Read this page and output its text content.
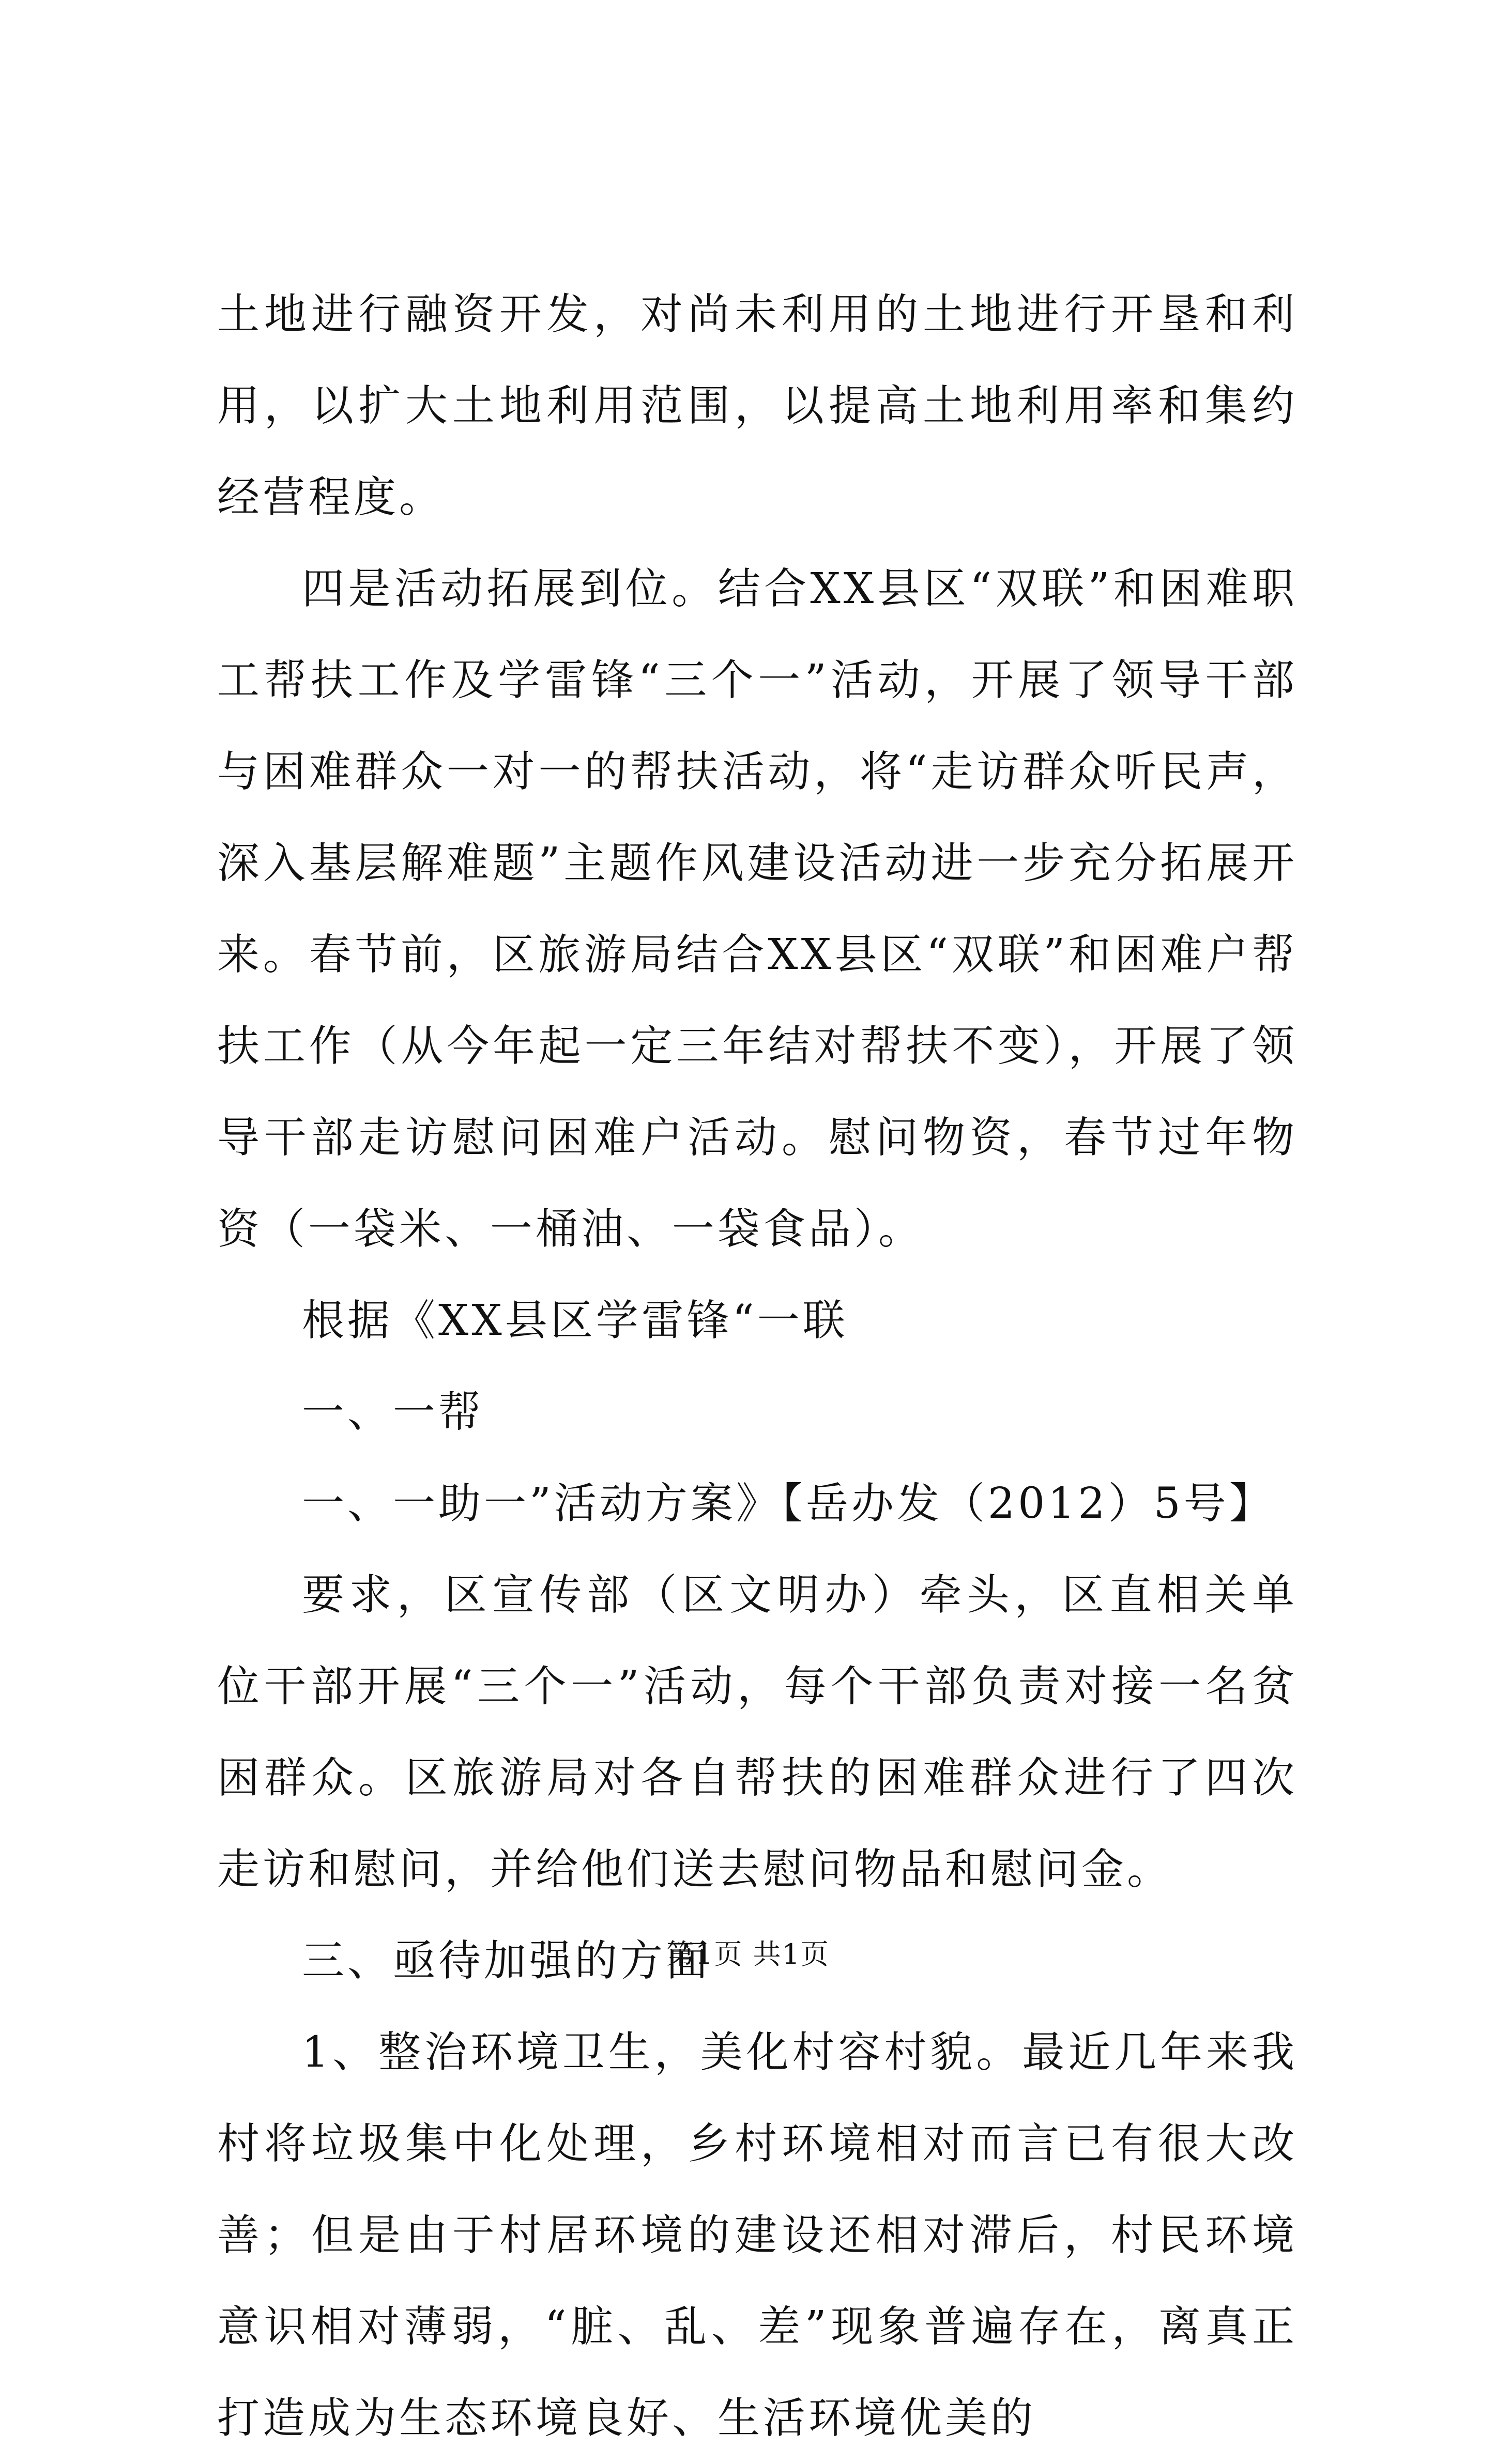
土地进行融资开发，对尚未利用的土地进行开垦和利用，以扩大土地利用范围，以提高土地利用率和集约经营程度。

四是活动拓展到位。结合XX县区“双联”和困难职工帮扶工作及学雷锋“三个一”活动，开展了领导干部与困难群众一对一的帮扶活动，将“走访群众听民声，深入基层解难题”主题作风建设活动进一步充分拓展开来。春节前，区旅游局结合XX县区“双联”和困难户帮扶工作（从今年起一定三年结对帮扶不变），开展了领导干部走访慰问困难户活动。慰问物资，春节过年物资（一袋米、一桶油、一袋食品）。

根据《XX县区学雷锋“一联

一、一帮

一、一助一”活动方案》【岳办发（2012）5号】

要求，区宣传部（区文明办）牵头，区直相关单位干部开展“三个一”活动，每个干部负责对接一名贫困群众。区旅游局对各自帮扶的困难群众进行了四次走访和慰问，并给他们送去慰问物品和慰问金。

三、亟待加强的方面

1、整治环境卫生，美化村容村貌。最近几年来我村将垃圾集中化处理，乡村环境相对而言已有很大改善；但是由于村居环境的建设还相对滞后，村民环境意识相对薄弱，“脏、乱、差”现象普遍存在，离真正打造成为生态环境良好、生活环境优美的

第1页 共1页
